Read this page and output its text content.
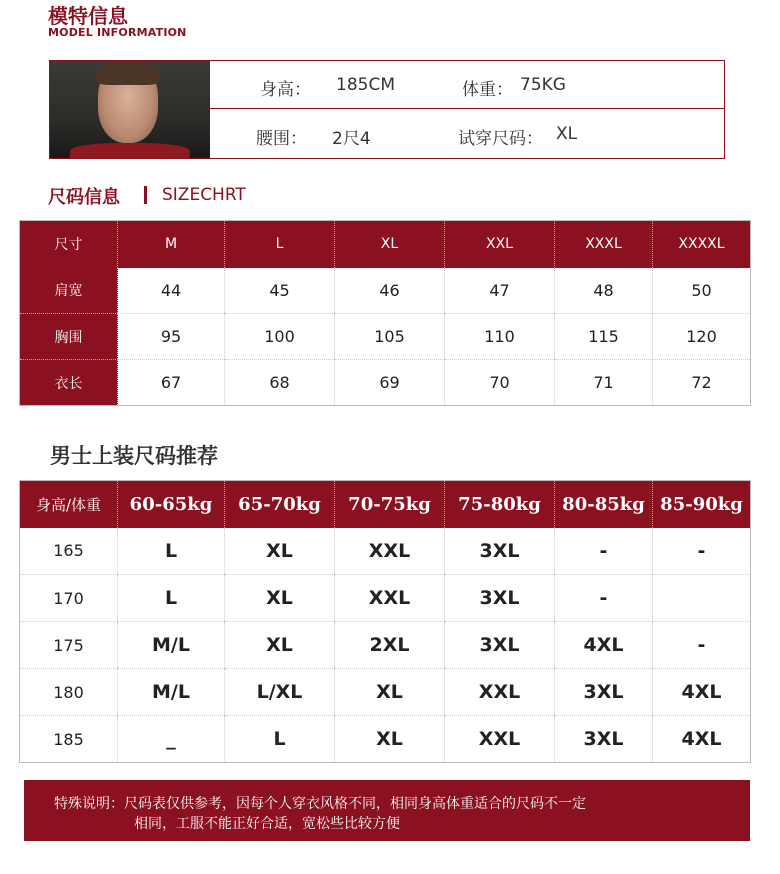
模特信息
MODEL INFORMATION
身高： 185CM	体重： 75KG
腰围： 2尺4	试穿尺码： XL
尺码信息 SIZECHRT
尺寸	M	L	XL	XXL	XXXL	XXXXL
肩宽	44	45	46	47	48	50
胸围	95	100	105	110	115	120
衣长	67	68	69	70	71	72
男士上装尺码推荐
身高/体重	60-65kg	65-70kg	70-75kg	75-80kg	80-85kg	85-90kg
165	L	XL	XXL	3XL	-	-
170	L	XL	XXL	3XL	-	
175	M/L	XL	2XL	3XL	4XL	-
180	M/L	L/XL	XL	XXL	3XL	4XL
185	_	L	XL	XXL	3XL	4XL
特殊说明：尺码表仅供参考，因每个人穿衣风格不同，相同身高体重适合的尺码不一定
相同，工服不能正好合适，宽松些比较方便
